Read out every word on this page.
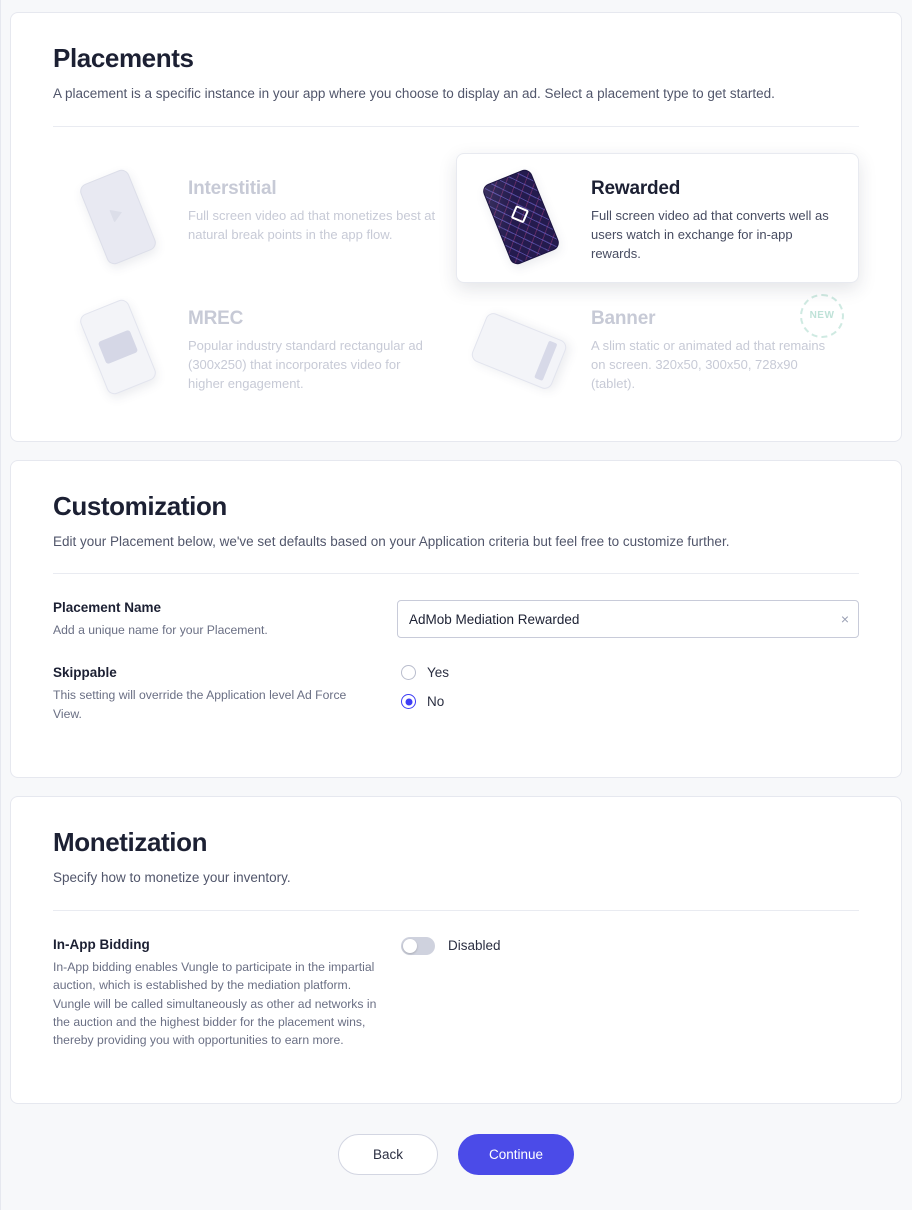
Placements

A placement is a specific instance in your app where you choose to display an ad. Select a placement type to get started.

Interstitial
Full screen video ad that monetizes best at natural break points in the app flow.
Rewarded
Full screen video ad that converts well as users watch in exchange for in-app rewards.
MREC
Popular industry standard rectangular ad (300x250) that incorporates video for higher engagement.
Banner
A slim static or animated ad that remains on screen. 320x50, 300x50, 728x90 (tablet).
NEW
Customization

Edit your Placement below, we've set defaults based on your Application criteria but feel free to customize further.

Placement Name

Add a unique name for your Placement.

AdMob Mediation Rewarded
×

Skippable

This setting will override the Application level Ad Force View.

Yes
No
Monetization

Specify how to monetize your inventory.

In-App Bidding

In-App bidding enables Vungle to participate in the impartial auction, which is established by the mediation platform. Vungle will be called simultaneously as other ad networks in the auction and the highest bidder for the placement wins, thereby providing you with opportunities to earn more.

Disabled
Back	Continue
